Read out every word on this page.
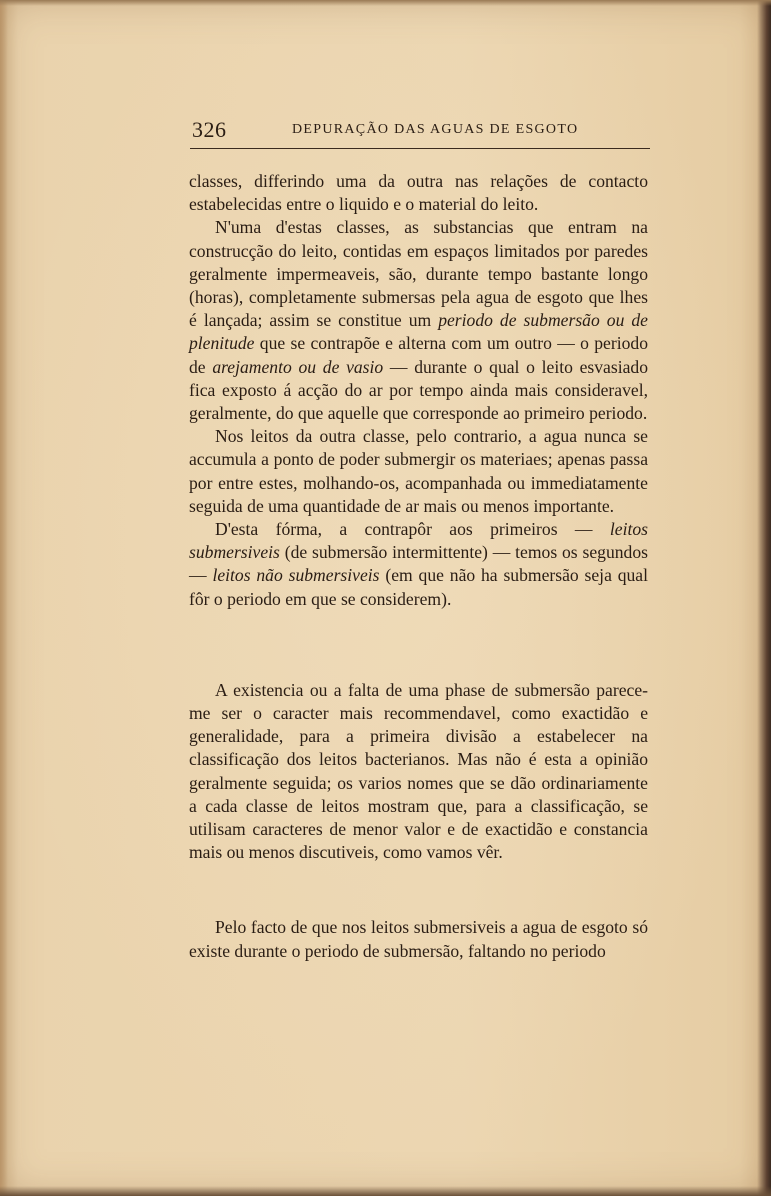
326	DEPURAÇÃO DAS AGUAS DE ESGOTO

classes, differindo uma da outra nas relações de contacto estabelecidas entre o liquido e o material do leito.

N'uma d'estas classes, as substancias que entram na construcção do leito, contidas em espaços limitados por paredes geralmente impermeaveis, são, durante tempo bastante longo (horas), completamente submersas pela agua de esgoto que lhes é lançada; assim se constitue um periodo de submersão ou de plenitude que se contrapõe e alterna com um outro — o periodo de arejamento ou de vasio — durante o qual o leito esvasiado fica exposto á acção do ar por tempo ainda mais consideravel, geralmente, do que aquelle que corresponde ao primeiro periodo.

Nos leitos da outra classe, pelo contrario, a agua nunca se accumula a ponto de poder submergir os materiaes; apenas passa por entre estes, molhando-os, acompanhada ou immediatamente seguida de uma quantidade de ar mais ou menos importante.

D'esta fórma, a contrapôr aos primeiros — leitos submersiveis (de submersão intermittente) — temos os segundos — leitos não submersiveis (em que não ha submersão seja qual fôr o periodo em que se considerem).

A existencia ou a falta de uma phase de submersão parece-me ser o caracter mais recommendavel, como exactidão e generalidade, para a primeira divisão a estabelecer na classificação dos leitos bacterianos. Mas não é esta a opinião geralmente seguida; os varios nomes que se dão ordinariamente a cada classe de leitos mostram que, para a classificação, se utilisam caracteres de menor valor e de exactidão e constancia mais ou menos discutiveis, como vamos vêr.

Pelo facto de que nos leitos submersiveis a agua de esgoto só existe durante o periodo de submersão, faltando no periodo
